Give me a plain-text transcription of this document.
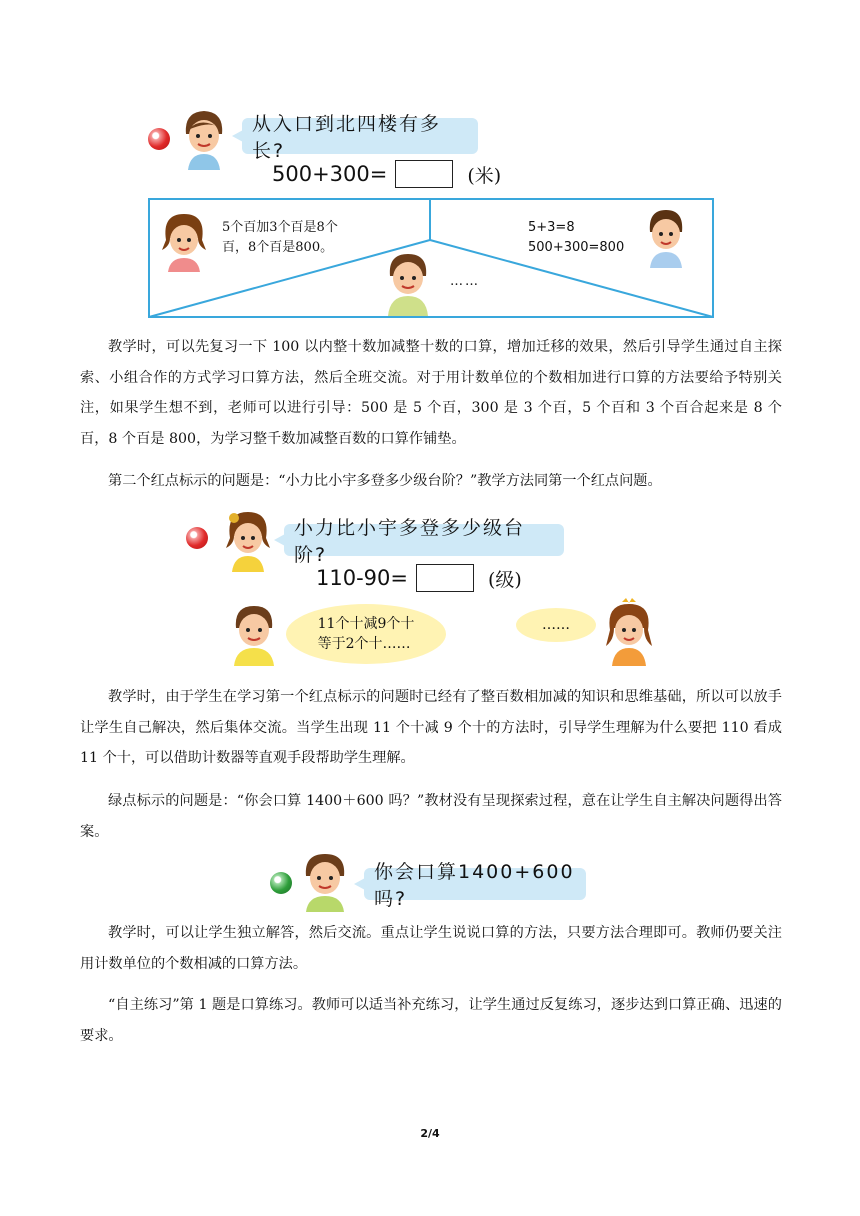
从入口到北四楼有多长?
500+300=	(米)
5个百加3个百是8个
百，8个百是800。
5+3=8
500+300=800
……
教学时，可以先复习一下 100 以内整十数加减整十数的口算，增加迁移的效果，然后引导学生通过自主探索、小组合作的方式学习口算方法，然后全班交流。对于用计数单位的个数相加进行口算的方法要给予特别关注，如果学生想不到，老师可以进行引导：500 是 5 个百，300 是 3 个百，5 个百和 3 个百合起来是 8 个百，8 个百是 800，为学习整千数加减整百数的口算作铺垫。
第二个红点标示的问题是：“小力比小宇多登多少级台阶？”教学方法同第一个红点问题。
小力比小宇多登多少级台阶?
110-90=	(级)
11个十减9个十
等于2个十……
……
教学时，由于学生在学习第一个红点标示的问题时已经有了整百数相加减的知识和思维基础，所以可以放手让学生自己解决，然后集体交流。当学生出现 11 个十减 9 个十的方法时，引导学生理解为什么要把 110 看成 11 个十，可以借助计数器等直观手段帮助学生理解。
绿点标示的问题是：“你会口算 1400＋600 吗？”教材没有呈现探索过程，意在让学生自主解决问题得出答案。
你会口算1400+600吗?
教学时，可以让学生独立解答，然后交流。重点让学生说说口算的方法，只要方法合理即可。教师仍要关注用计数单位的个数相减的口算方法。
“自主练习”第 1 题是口算练习。教师可以适当补充练习，让学生通过反复练习，逐步达到口算正确、迅速的要求。
2/4
